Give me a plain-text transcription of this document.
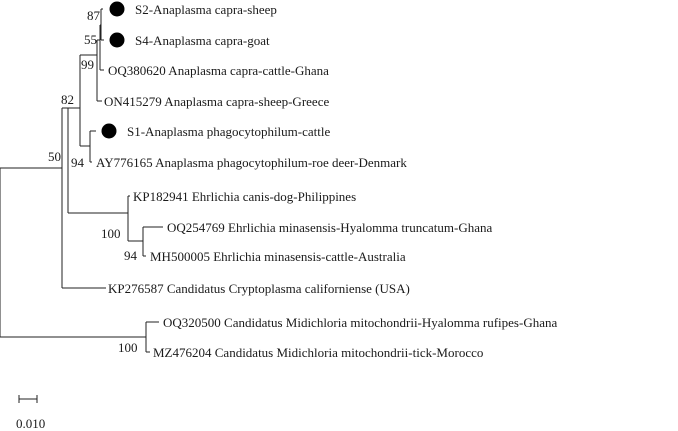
S2-Anaplasma capra-sheep
S4-Anaplasma capra-goat
OQ380620 Anaplasma capra-cattle-Ghana
ON415279 Anaplasma capra-sheep-Greece
S1-Anaplasma phagocytophilum-cattle
AY776165 Anaplasma phagocytophilum-roe deer-Denmark
KP182941 Ehrlichia canis-dog-Philippines
OQ254769 Ehrlichia minasensis-Hyalomma truncatum-Ghana
MH500005 Ehrlichia minasensis-cattle-Australia
KP276587 Candidatus Cryptoplasma californiense (USA)
OQ320500 Candidatus Midichloria mitochondrii-Hyalomma rufipes-Ghana
MZ476204 Candidatus Midichloria mitochondrii-tick-Morocco
87
55
99
94
82
94
100
50
100
0.010
